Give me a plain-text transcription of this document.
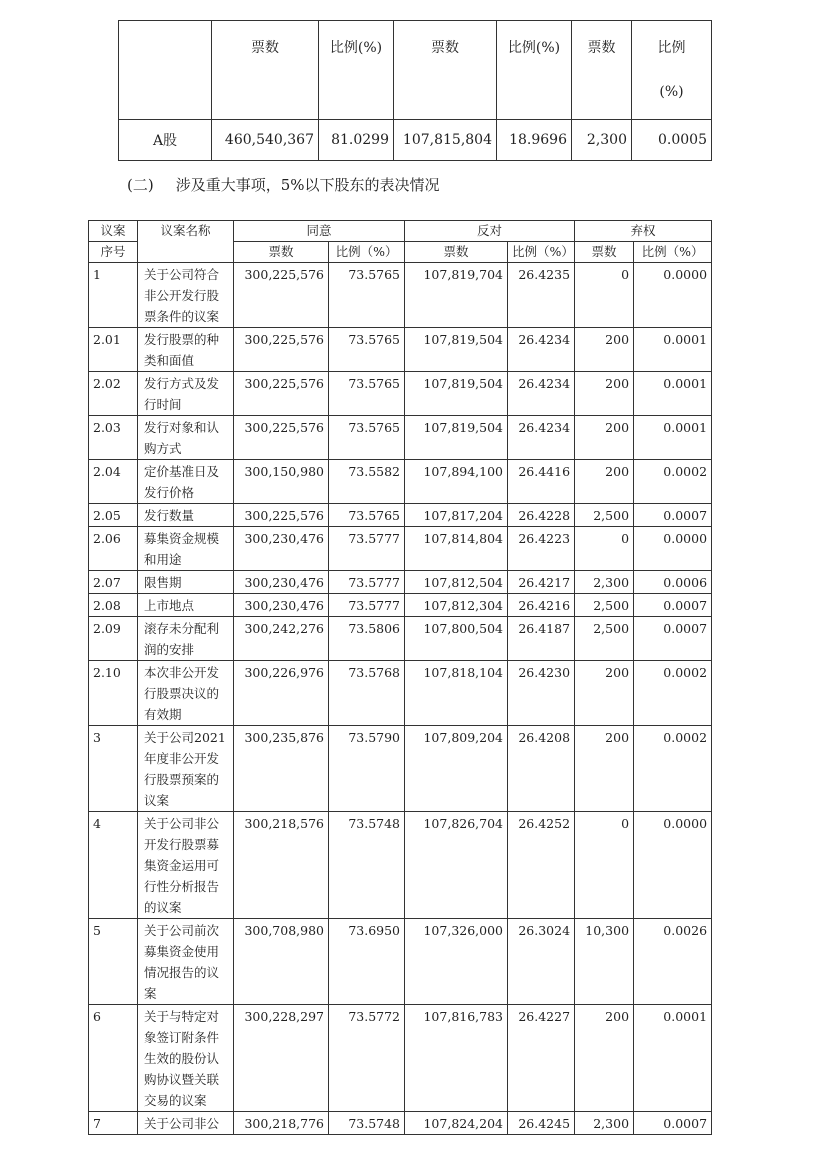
	票数	比例(%)	票数	比例(%)	票数	比例

(%)
A股	460,540,367	81.0299	107,815,804	18.9696	2,300	0.0005
(二) 涉及重大事项，5%以下股东的表决情况
议案	议案名称	同意		反对		弃权	
序号		票数	比例（%）	票数	比例（%）	票数	比例（%）
1	关于公司符合非公开发行股票条件的议案	300,225,576	73.5765	107,819,704	26.4235	0	0.0000
2.01	发行股票的种类和面值	300,225,576	73.5765	107,819,504	26.4234	200	0.0001
2.02	发行方式及发行时间	300,225,576	73.5765	107,819,504	26.4234	200	0.0001
2.03	发行对象和认购方式	300,225,576	73.5765	107,819,504	26.4234	200	0.0001
2.04	定价基准日及发行价格	300,150,980	73.5582	107,894,100	26.4416	200	0.0002
2.05	发行数量	300,225,576	73.5765	107,817,204	26.4228	2,500	0.0007
2.06	募集资金规模和用途	300,230,476	73.5777	107,814,804	26.4223	0	0.0000
2.07	限售期	300,230,476	73.5777	107,812,504	26.4217	2,300	0.0006
2.08	上市地点	300,230,476	73.5777	107,812,304	26.4216	2,500	0.0007
2.09	滚存未分配利润的安排	300,242,276	73.5806	107,800,504	26.4187	2,500	0.0007
2.10	本次非公开发行股票决议的有效期	300,226,976	73.5768	107,818,104	26.4230	200	0.0002
3	关于公司2021年度非公开发行股票预案的议案	300,235,876	73.5790	107,809,204	26.4208	200	0.0002
4	关于公司非公开发行股票募集资金运用可行性分析报告的议案	300,218,576	73.5748	107,826,704	26.4252	0	0.0000
5	关于公司前次募集资金使用情况报告的议案	300,708,980	73.6950	107,326,000	26.3024	10,300	0.0026
6	关于与特定对象签订附条件生效的股份认购协议暨关联交易的议案	300,228,297	73.5772	107,816,783	26.4227	200	0.0001
7	关于公司非公	300,218,776	73.5748	107,824,204	26.4245	2,300	0.0007
